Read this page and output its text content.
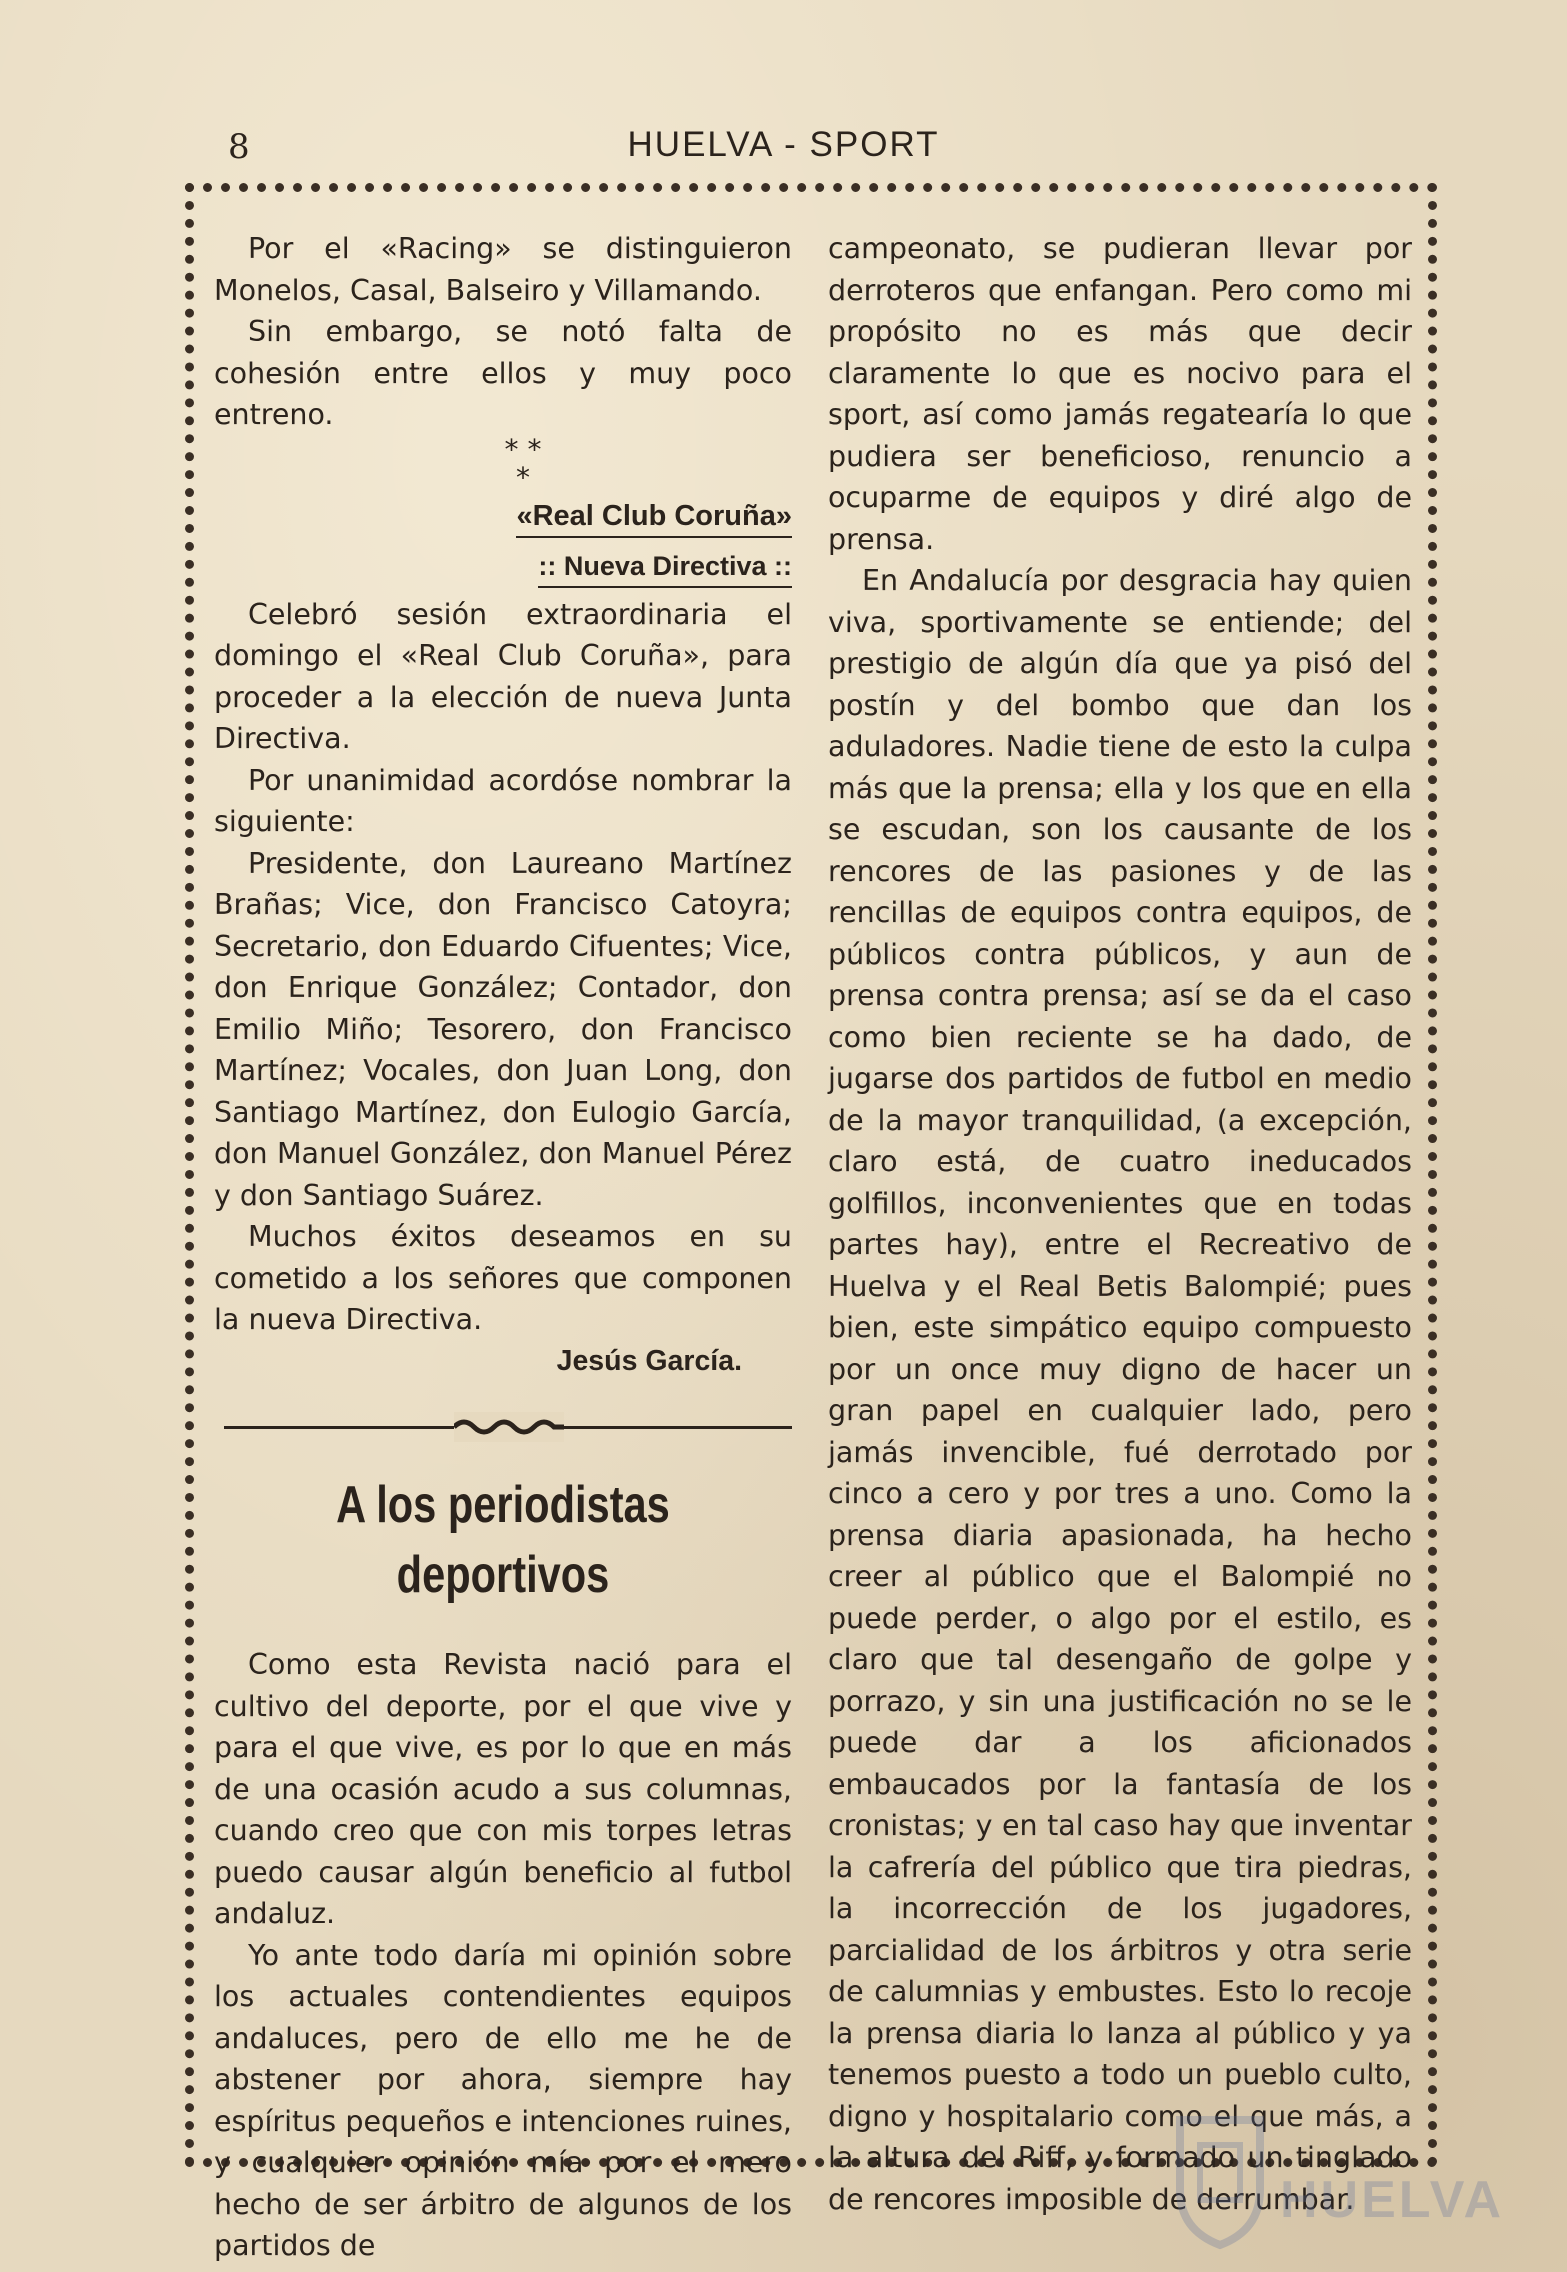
8	HUELVA - SPORT

Por el «Racing» se distinguieron Monelos, Casal, Balseiro y Villamando.

Sin embargo, se notó falta de cohesión entre ellos y muy poco entreno.

* *
*
«Real Club Coruña»
:: Nueva Directiva ::

Celebró sesión extraordinaria el domingo el «Real Club Coruña», para proceder a la elección de nueva Junta Directiva.

Por unanimidad acordóse nombrar la siguiente:

Presidente, don Laureano Martínez Brañas; Vice, don Francisco Catoyra; Secretario, don Eduardo Cifuentes; Vice, don Enrique González; Contador, don Emilio Miño; Tesorero, don Francisco Martínez; Vocales, don Juan Long, don Santiago Martínez, don Eulogio García, don Manuel González, don Manuel Pérez y don Santiago Suárez.

Muchos éxitos deseamos en su cometido a los señores que componen la nueva Directiva.

Jesús García.
A los periodistas deportivos

Como esta Revista nació para el cultivo del deporte, por el que vive y para el que vive, es por lo que en más de una ocasión acudo a sus columnas, cuando creo que con mis torpes letras puedo causar algún beneficio al futbol andaluz.

Yo ante todo daría mi opinión sobre los actuales contendientes equipos andaluces, pero de ello me he de abstener por ahora, siempre hay espíritus pequeños e intenciones ruines, y cualquier opinión mía por el mero hecho de ser árbitro de algunos de los partidos de

campeonato, se pudieran llevar por derroteros que enfangan. Pero como mi propósito no es más que decir claramente lo que es nocivo para el sport, así como jamás regatearía lo que pudiera ser beneficioso, renuncio a ocuparme de equipos y diré algo de prensa.

En Andalucía por desgracia hay quien viva, sportivamente se entiende; del prestigio de algún día que ya pisó del postín y del bombo que dan los aduladores. Nadie tiene de esto la culpa más que la prensa; ella y los que en ella se escudan, son los causante de los rencores de las pasiones y de las rencillas de equipos contra equipos, de públicos contra públicos, y aun de prensa contra prensa; así se da el caso como bien reciente se ha dado, de jugarse dos partidos de futbol en medio de la mayor tranquilidad, (a excepción, claro está, de cuatro ineducados golfillos, inconvenientes que en todas partes hay), entre el Recreativo de Huelva y el Real Betis Balompié; pues bien, este simpático equipo compuesto por un once muy digno de hacer un gran papel en cualquier lado, pero jamás invencible, fué derrotado por cinco a cero y por tres a uno. Como la prensa diaria apasionada, ha hecho creer al público que el Balompié no puede perder, o algo por el estilo, es claro que tal desengaño de golpe y porrazo, y sin una justificación no se le puede dar a los aficionados embaucados por la fantasía de los cronistas; y en tal caso hay que inventar la cafrería del público que tira piedras, la incorrección de los jugadores, parcialidad de los árbitros y otra serie de calumnias y embustes. Esto lo recoje la prensa diaria lo lanza al público y ya tenemos puesto a todo un pueblo culto, digno y hospitalario como el que más, a la altura del Riff, y formado un tinglado de rencores imposible de derrumbar.

HUELVA
